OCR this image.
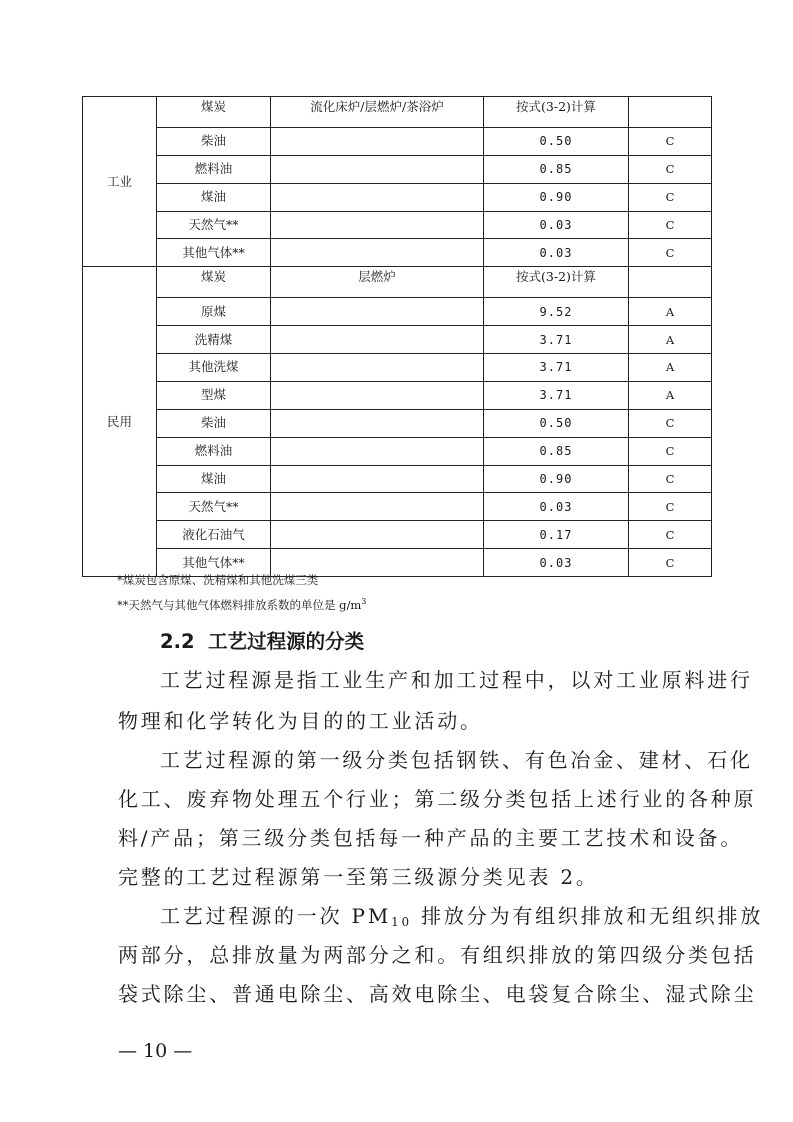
工业	煤炭	流化床炉/层燃炉/茶浴炉	按式(3-2)计算	
	柴油		0.50	C
	燃料油		0.85	C
	煤油		0.90	C
	天然气**		0.03	C
	其他气体**		0.03	C
民用	煤炭	层燃炉	按式(3-2)计算	
	原煤		9.52	A
	洗精煤		3.71	A
	其他洗煤		3.71	A
	型煤		3.71	A
	柴油		0.50	C
	燃料油		0.85	C
	煤油		0.90	C
	天然气**		0.03	C
	液化石油气		0.17	C
	其他气体**		0.03	C
*煤炭包含原煤、洗精煤和其他洗煤三类
**天然气与其他气体燃料排放系数的单位是 $g/m^3$
2.2 工艺过程源的分类
工艺过程源是指工业生产和加工过程中，以对工业原料进行
物理和化学转化为目的的工业活动。
工艺过程源的第一级分类包括钢铁、有色冶金、建材、石化
化工、废弃物处理五个行业；第二级分类包括上述行业的各种原
料/产品；第三级分类包括每一种产品的主要工艺技术和设备。
完整的工艺过程源第一至第三级源分类见表 2。
工艺过程源的一次 $PM_{10}$ 排放分为有组织排放和无组织排放
两部分，总排放量为两部分之和。有组织排放的第四级分类包括
袋式除尘、普通电除尘、高效电除尘、电袋复合除尘、湿式除尘
— 10 —
